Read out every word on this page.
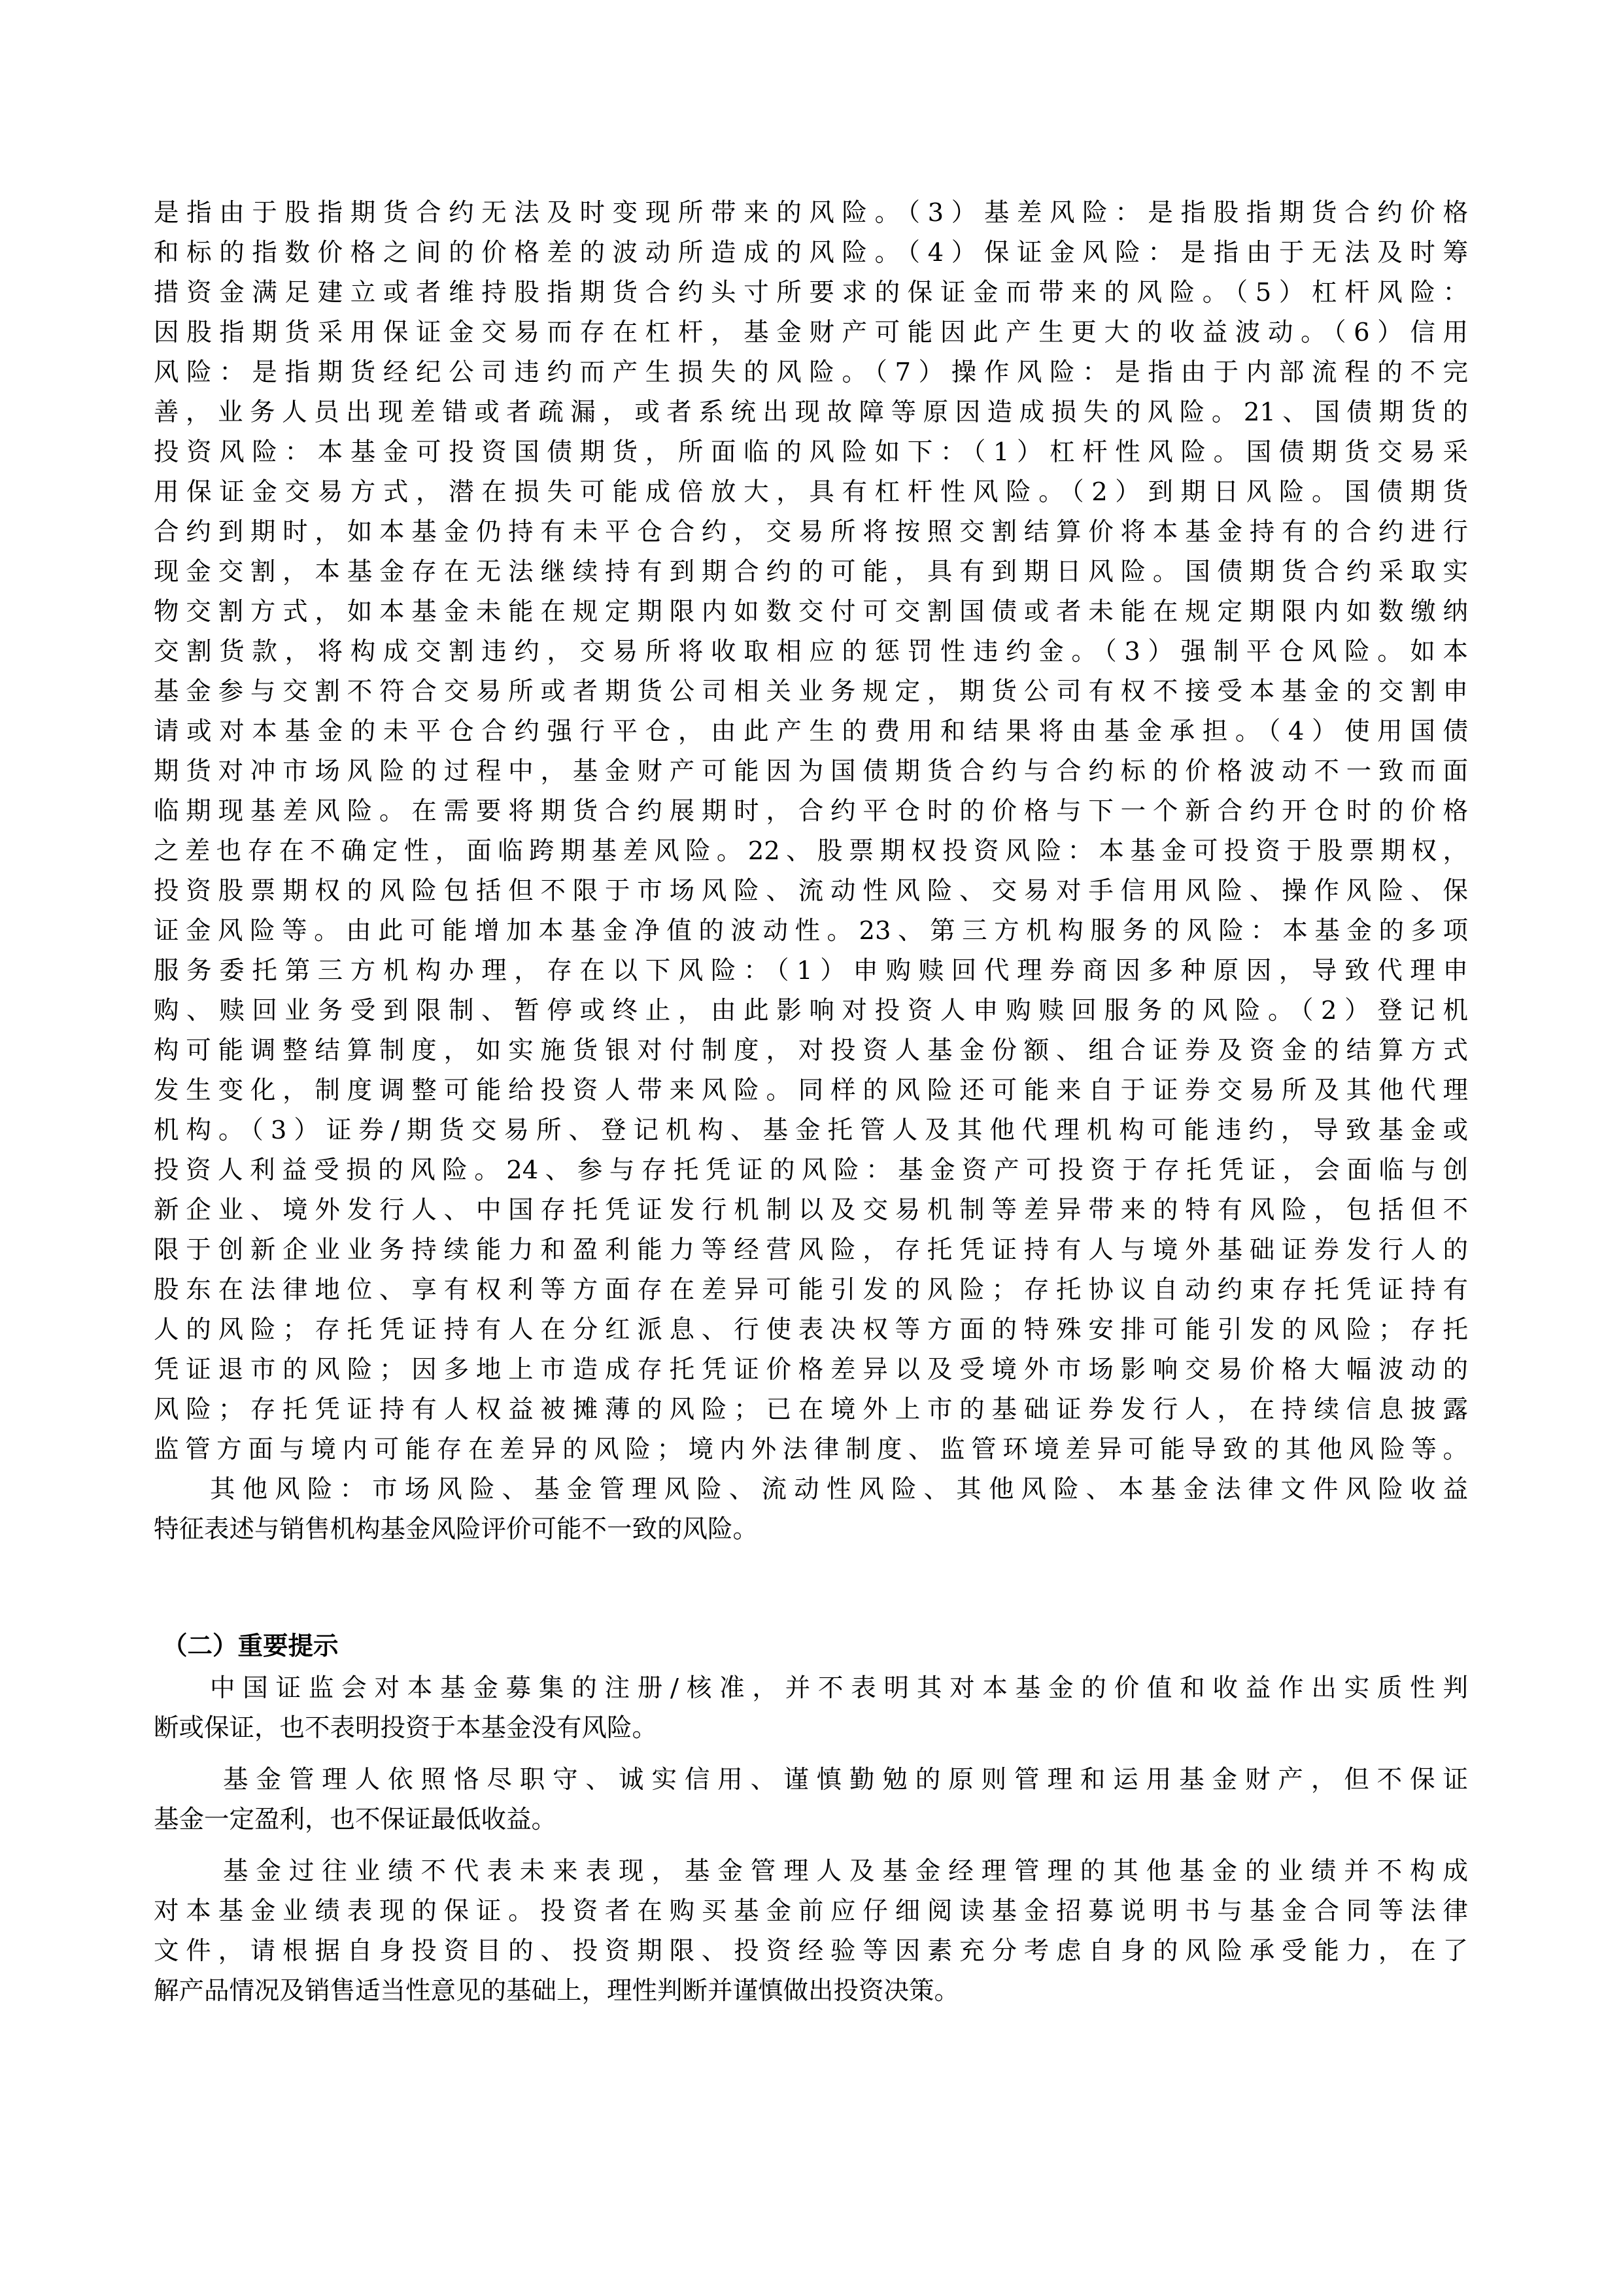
是指由于股指期货合约无法及时变现所带来的风险。（3）基差风险：是指股指期货合约价格

和标的指数价格之间的价格差的波动所造成的风险。（4）保证金风险：是指由于无法及时筹

措资金满足建立或者维持股指期货合约头寸所要求的保证金而带来的风险。（5）杠杆风险：

因股指期货采用保证金交易而存在杠杆，基金财产可能因此产生更大的收益波动。（6）信用

风险：是指期货经纪公司违约而产生损失的风险。（7）操作风险：是指由于内部流程的不完

善，业务人员出现差错或者疏漏，或者系统出现故障等原因造成损失的风险。21、国债期货的

投资风险：本基金可投资国债期货，所面临的风险如下：（1）杠杆性风险。国债期货交易采

用保证金交易方式，潜在损失可能成倍放大，具有杠杆性风险。（2）到期日风险。国债期货

合约到期时，如本基金仍持有未平仓合约，交易所将按照交割结算价将本基金持有的合约进行

现金交割，本基金存在无法继续持有到期合约的可能，具有到期日风险。国债期货合约采取实

物交割方式，如本基金未能在规定期限内如数交付可交割国债或者未能在规定期限内如数缴纳

交割货款，将构成交割违约，交易所将收取相应的惩罚性违约金。（3）强制平仓风险。如本

基金参与交割不符合交易所或者期货公司相关业务规定，期货公司有权不接受本基金的交割申

请或对本基金的未平仓合约强行平仓，由此产生的费用和结果将由基金承担。（4）使用国债

期货对冲市场风险的过程中，基金财产可能因为国债期货合约与合约标的价格波动不一致而面

临期现基差风险。在需要将期货合约展期时，合约平仓时的价格与下一个新合约开仓时的价格

之差也存在不确定性，面临跨期基差风险。22、股票期权投资风险：本基金可投资于股票期权，

投资股票期权的风险包括但不限于市场风险、流动性风险、交易对手信用风险、操作风险、保

证金风险等。由此可能增加本基金净值的波动性。23、第三方机构服务的风险：本基金的多项

服务委托第三方机构办理，存在以下风险：（1）申购赎回代理券商因多种原因，导致代理申

购、赎回业务受到限制、暂停或终止，由此影响对投资人申购赎回服务的风险。（2）登记机

构可能调整结算制度，如实施货银对付制度，对投资人基金份额、组合证券及资金的结算方式

发生变化，制度调整可能给投资人带来风险。同样的风险还可能来自于证券交易所及其他代理

机构。（3）证券/期货交易所、登记机构、基金托管人及其他代理机构可能违约，导致基金或

投资人利益受损的风险。24、参与存托凭证的风险：基金资产可投资于存托凭证，会面临与创

新企业、境外发行人、中国存托凭证发行机制以及交易机制等差异带来的特有风险，包括但不

限于创新企业业务持续能力和盈利能力等经营风险，存托凭证持有人与境外基础证券发行人的

股东在法律地位、享有权利等方面存在差异可能引发的风险；存托协议自动约束存托凭证持有

人的风险；存托凭证持有人在分红派息、行使表决权等方面的特殊安排可能引发的风险；存托

凭证退市的风险；因多地上市造成存托凭证价格差异以及受境外市场影响交易价格大幅波动的

风险；存托凭证持有人权益被摊薄的风险；已在境外上市的基础证券发行人，在持续信息披露

监管方面与境内可能存在差异的风险；境内外法律制度、监管环境差异可能导致的其他风险等。

其他风险：市场风险、基金管理风险、流动性风险、其他风险、本基金法律文件风险收益

特征表述与销售机构基金风险评价可能不一致的风险。

（二）重要提示

中国证监会对本基金募集的注册/核准，并不表明其对本基金的价值和收益作出实质性判

断或保证，也不表明投资于本基金没有风险。

基金管理人依照恪尽职守、诚实信用、谨慎勤勉的原则管理和运用基金财产，但不保证

基金一定盈利，也不保证最低收益。

基金过往业绩不代表未来表现，基金管理人及基金经理管理的其他基金的业绩并不构成

对本基金业绩表现的保证。投资者在购买基金前应仔细阅读基金招募说明书与基金合同等法律

文件，请根据自身投资目的、投资期限、投资经验等因素充分考虑自身的风险承受能力，在了

解产品情况及销售适当性意见的基础上，理性判断并谨慎做出投资决策。
